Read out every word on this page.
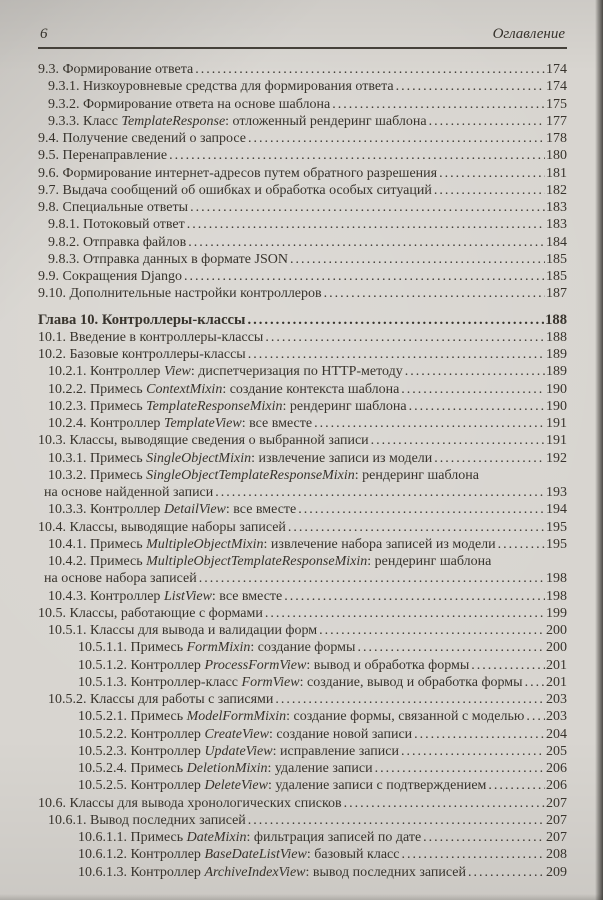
6	Оглавление
9.3. Формирование ответа .....	174
9.3.1. Низкоуровневые средства для формирования ответа .....	174
9.3.2. Формирование ответа на основе шаблона .....	175
9.3.3. Класс TemplateResponse: отложенный рендеринг шаблона .....	177
9.4. Получение сведений о запросе .....	178
9.5. Перенаправление .....	180
9.6. Формирование интернет-адресов путем обратного разрешения .....	181
9.7. Выдача сообщений об ошибках и обработка особых ситуаций .....	182
9.8. Специальные ответы .....	183
9.8.1. Потоковый ответ .....	183
9.8.2. Отправка файлов .....	184
9.8.3. Отправка данных в формате JSON .....	185
9.9. Сокращения Django .....	185
9.10. Дополнительные настройки контроллеров .....	187
Глава 10. Контроллеры-классы .....	188
10.1. Введение в контроллеры-классы .....	188
10.2. Базовые контроллеры-классы .....	189
10.2.1. Контроллер View: диспетчеризация по HTTP-методу .....	189
10.2.2. Примесь ContextMixin: создание контекста шаблона .....	190
10.2.3. Примесь TemplateResponseMixin: рендеринг шаблона .....	190
10.2.4. Контроллер TemplateView: все вместе .....	191
10.3. Классы, выводящие сведения о выбранной записи .....	191
10.3.1. Примесь SingleObjectMixin: извлечение записи из модели .....	192
10.3.2. Примесь SingleObjectTemplateResponseMixin: рендеринг шаблона
на основе найденной записи .....	193
10.3.3. Контроллер DetailView: все вместе .....	194
10.4. Классы, выводящие наборы записей .....	195
10.4.1. Примесь MultipleObjectMixin: извлечение набора записей из модели .....	195
10.4.2. Примесь MultipleObjectTemplateResponseMixin: рендеринг шаблона
на основе набора записей .....	198
10.4.3. Контроллер ListView: все вместе .....	198
10.5. Классы, работающие с формами .....	199
10.5.1. Классы для вывода и валидации форм .....	200
10.5.1.1. Примесь FormMixin: создание формы .....	200
10.5.1.2. Контроллер ProcessFormView: вывод и обработка формы .....	201
10.5.1.3. Контроллер-класс FormView: создание, вывод и обработка формы ..... 201
10.5.2. Классы для работы с записями .....	203
10.5.2.1. Примесь ModelFormMixin: создание формы, связанной с моделью ..... 203
10.5.2.2. Контроллер CreateView: создание новой записи .....	204
10.5.2.3. Контроллер UpdateView: исправление записи .....	205
10.5.2.4. Примесь DeletionMixin: удаление записи .....	206
10.5.2.5. Контроллер DeleteView: удаление записи с подтверждением .....	206
10.6. Классы для вывода хронологических списков .....	207
10.6.1. Вывод последних записей .....	207
10.6.1.1. Примесь DateMixin: фильтрация записей по дате .....	207
10.6.1.2. Контроллер BaseDateListView: базовый класс .....	208
10.6.1.3. Контроллер ArchiveIndexView: вывод последних записей .....	209
